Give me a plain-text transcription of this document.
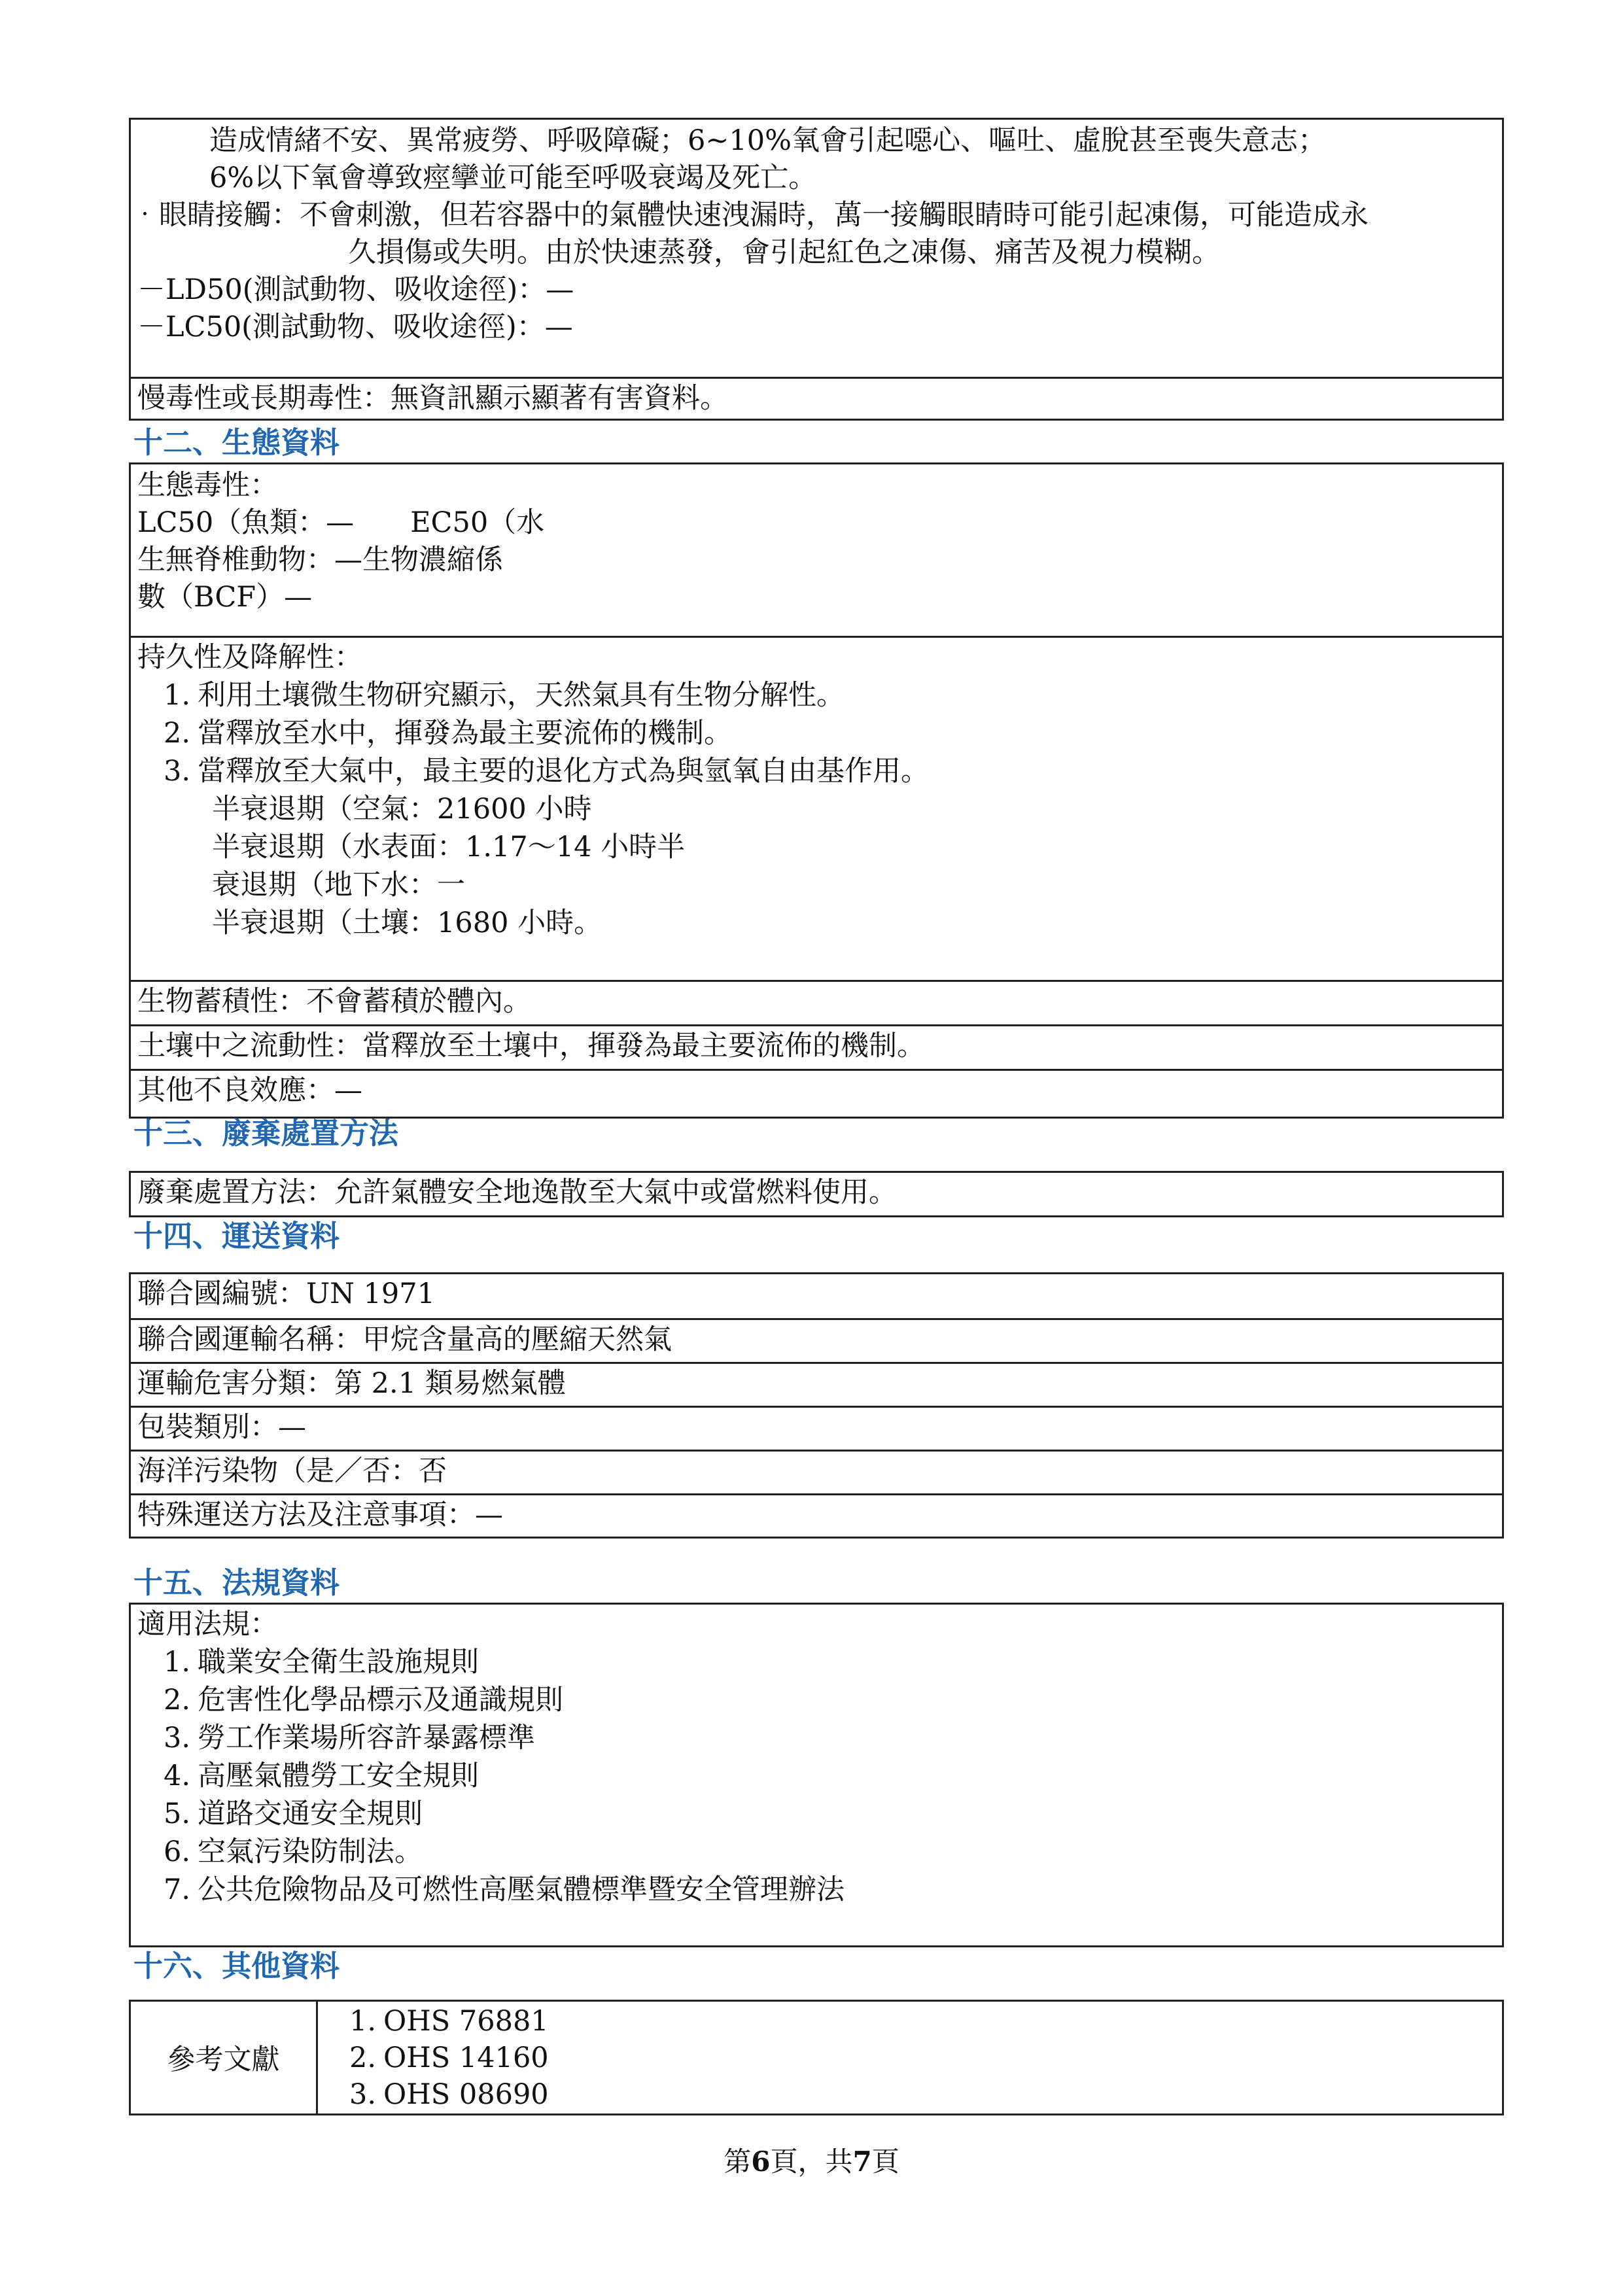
造成情緒不安、異常疲勞、呼吸障礙；6~10%氧會引起噁心、嘔吐、虛脫甚至喪失意志；
6%以下氧會導致痙攣並可能至呼吸衰竭及死亡。
‧眼睛接觸：不會刺激，但若容器中的氣體快速洩漏時，萬一接觸眼睛時可能引起凍傷，可能造成永
久損傷或失明。由於快速蒸發，會引起紅色之凍傷、痛苦及視力模糊。
－LD50(測試動物、吸收途徑)：—
－LC50(測試動物、吸收途徑)：—
慢毒性或長期毒性：無資訊顯示顯著有害資料。
十二、生態資料
生態毒性：
LC50（魚類：—　　EC50（水
生無脊椎動物：—生物濃縮係
數（BCF）—
持久性及降解性：
1. 利用土壤微生物研究顯示，天然氣具有生物分解性。
2. 當釋放至水中，揮發為最主要流佈的機制。
3. 當釋放至大氣中，最主要的退化方式為與氫氧自由基作用。
半衰退期（空氣：21600 小時
半衰退期（水表面：1.17〜14 小時半
衰退期（地下水：一
半衰退期（土壤：1680 小時。
生物蓄積性：不會蓄積於體內。
土壤中之流動性：當釋放至土壤中，揮發為最主要流佈的機制。
其他不良效應：—
十三、廢棄處置方法
廢棄處置方法：允許氣體安全地逸散至大氣中或當燃料使用。
十四、運送資料
聯合國編號：UN 1971
聯合國運輸名稱：甲烷含量高的壓縮天然氣
運輸危害分類：第 2.1 類易燃氣體
包裝類別：—
海洋污染物（是／否：否
特殊運送方法及注意事項：—
十五、法規資料
適用法規：
1. 職業安全衛生設施規則
2. 危害性化學品標示及通識規則
3. 勞工作業場所容許暴露標準
4. 高壓氣體勞工安全規則
5. 道路交通安全規則
6. 空氣污染防制法。
7. 公共危險物品及可燃性高壓氣體標準暨安全管理辦法
十六、其他資料
參考文獻
1. OHS 76881
2. OHS 14160
3. OHS 08690
第6頁，共7頁
